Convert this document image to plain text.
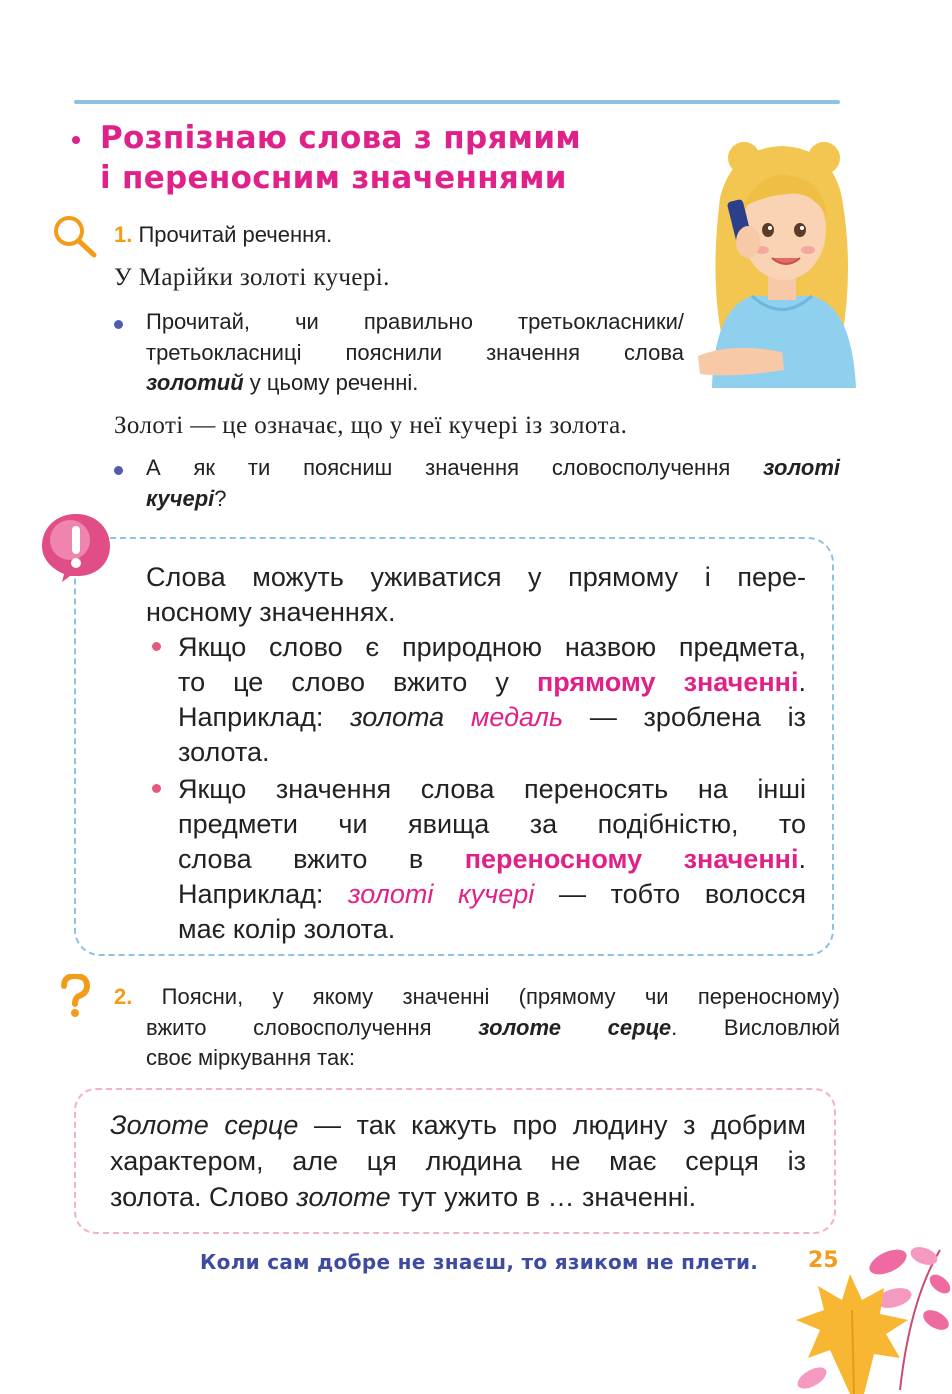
Розпізнаю слова з прямим
і переносним значеннями
1. Прочитай речення.
У Марійки золоті кучері.
Прочитай, чи правильно третьокласники/
третьокласниці пояснили значення слова
золотий у цьому реченні.
Золоті — це означає, що у неї кучері із золота.
А як ти поясниш значення словосполучення золоті
кучері?
Слова можуть уживатися у прямому і пере-
носному значеннях.
Якщо слово є природною назвою предмета,
то це слово вжито у прямому значенні.
Наприклад: золота медаль — зроблена із
золота.
Якщо значення слова переносять на інші
предмети чи явища за подібністю, то
слова вжито в переносному значенні.
Наприклад: золоті кучері — тобто волосся
має колір золота.
2. Поясни, у якому значенні (прямому чи переносному)
вжито словосполучення золоте серце. Висловлюй
своє міркування так:
Золоте серце — так кажуть про людину з добрим
характером, але ця людина не має серця із
золота. Слово золоте тут ужито в … значенні.
Коли сам добре не знаєш, то язиком не плети. 25
